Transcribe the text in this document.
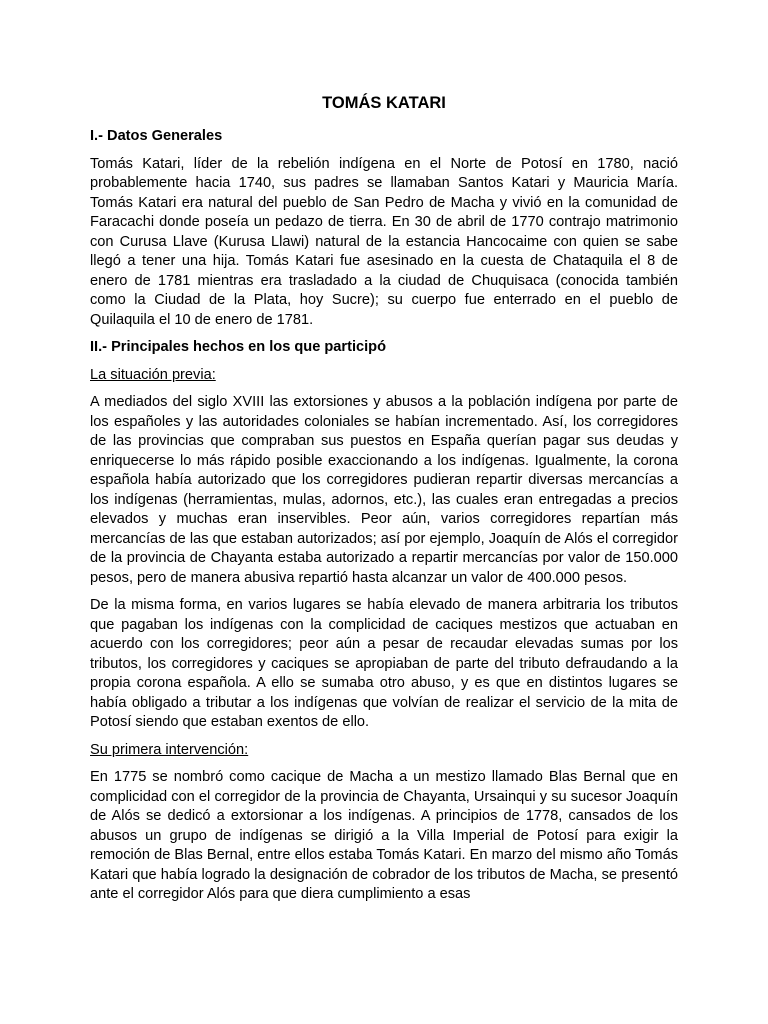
TOMÁS KATARI
I.- Datos Generales

Tomás Katari, líder de la rebelión indígena en el Norte de Potosí en 1780, nació probablemente hacia 1740, sus padres se llamaban Santos Katari y Mauricia María. Tomás Katari era natural del pueblo de San Pedro de Macha y vivió en la comunidad de Faracachi donde poseía un pedazo de tierra. En 30 de abril de 1770 contrajo matrimonio con Curusa Llave (Kurusa Llawi) natural de la estancia Hancocaime con quien se sabe llegó a tener una hija. Tomás Katari fue asesinado en la cuesta de Chataquila el 8 de enero de 1781 mientras era trasladado a la ciudad de Chuquisaca (conocida también como la Ciudad de la Plata, hoy Sucre); su cuerpo fue enterrado en el pueblo de Quilaquila el 10 de enero de 1781.

II.- Principales hechos en los que participó
La situación previa:

A mediados del siglo XVIII las extorsiones y abusos a la población indígena por parte de los españoles y las autoridades coloniales se habían incrementado. Así, los corregidores de las provincias que compraban sus puestos en España querían pagar sus deudas y enriquecerse lo más rápido posible exaccionando a los indígenas. Igualmente, la corona española había autorizado que los corregidores pudieran repartir diversas mercancías a los indígenas (herramientas, mulas, adornos, etc.), las cuales eran entregadas a precios elevados y muchas eran inservibles. Peor aún, varios corregidores repartían más mercancías de las que estaban autorizados; así por ejemplo, Joaquín de Alós el corregidor de la provincia de Chayanta estaba autorizado a repartir mercancías por valor de 150.000 pesos, pero de manera abusiva repartió hasta alcanzar un valor de 400.000 pesos.

De la misma forma, en varios lugares se había elevado de manera arbitraria los tributos que pagaban los indígenas con la complicidad de caciques mestizos que actuaban en acuerdo con los corregidores; peor aún a pesar de recaudar elevadas sumas por los tributos, los corregidores y caciques se apropiaban de parte del tributo defraudando a la propia corona española. A ello se sumaba otro abuso, y es que en distintos lugares se había obligado a tributar a los indígenas que volvían de realizar el servicio de la mita de Potosí siendo que estaban exentos de ello.

Su primera intervención:

En 1775 se nombró como cacique de Macha a un mestizo llamado Blas Bernal que en complicidad con el corregidor de la provincia de Chayanta, Ursainqui y su sucesor Joaquín de Alós se dedicó a extorsionar a los indígenas. A principios de 1778, cansados de los abusos un grupo de indígenas se dirigió a la Villa Imperial de Potosí para exigir la remoción de Blas Bernal, entre ellos estaba Tomás Katari. En marzo del mismo año Tomás Katari que había logrado la designación de cobrador de los tributos de Macha, se presentó ante el corregidor Alós para que diera cumplimiento a esas
